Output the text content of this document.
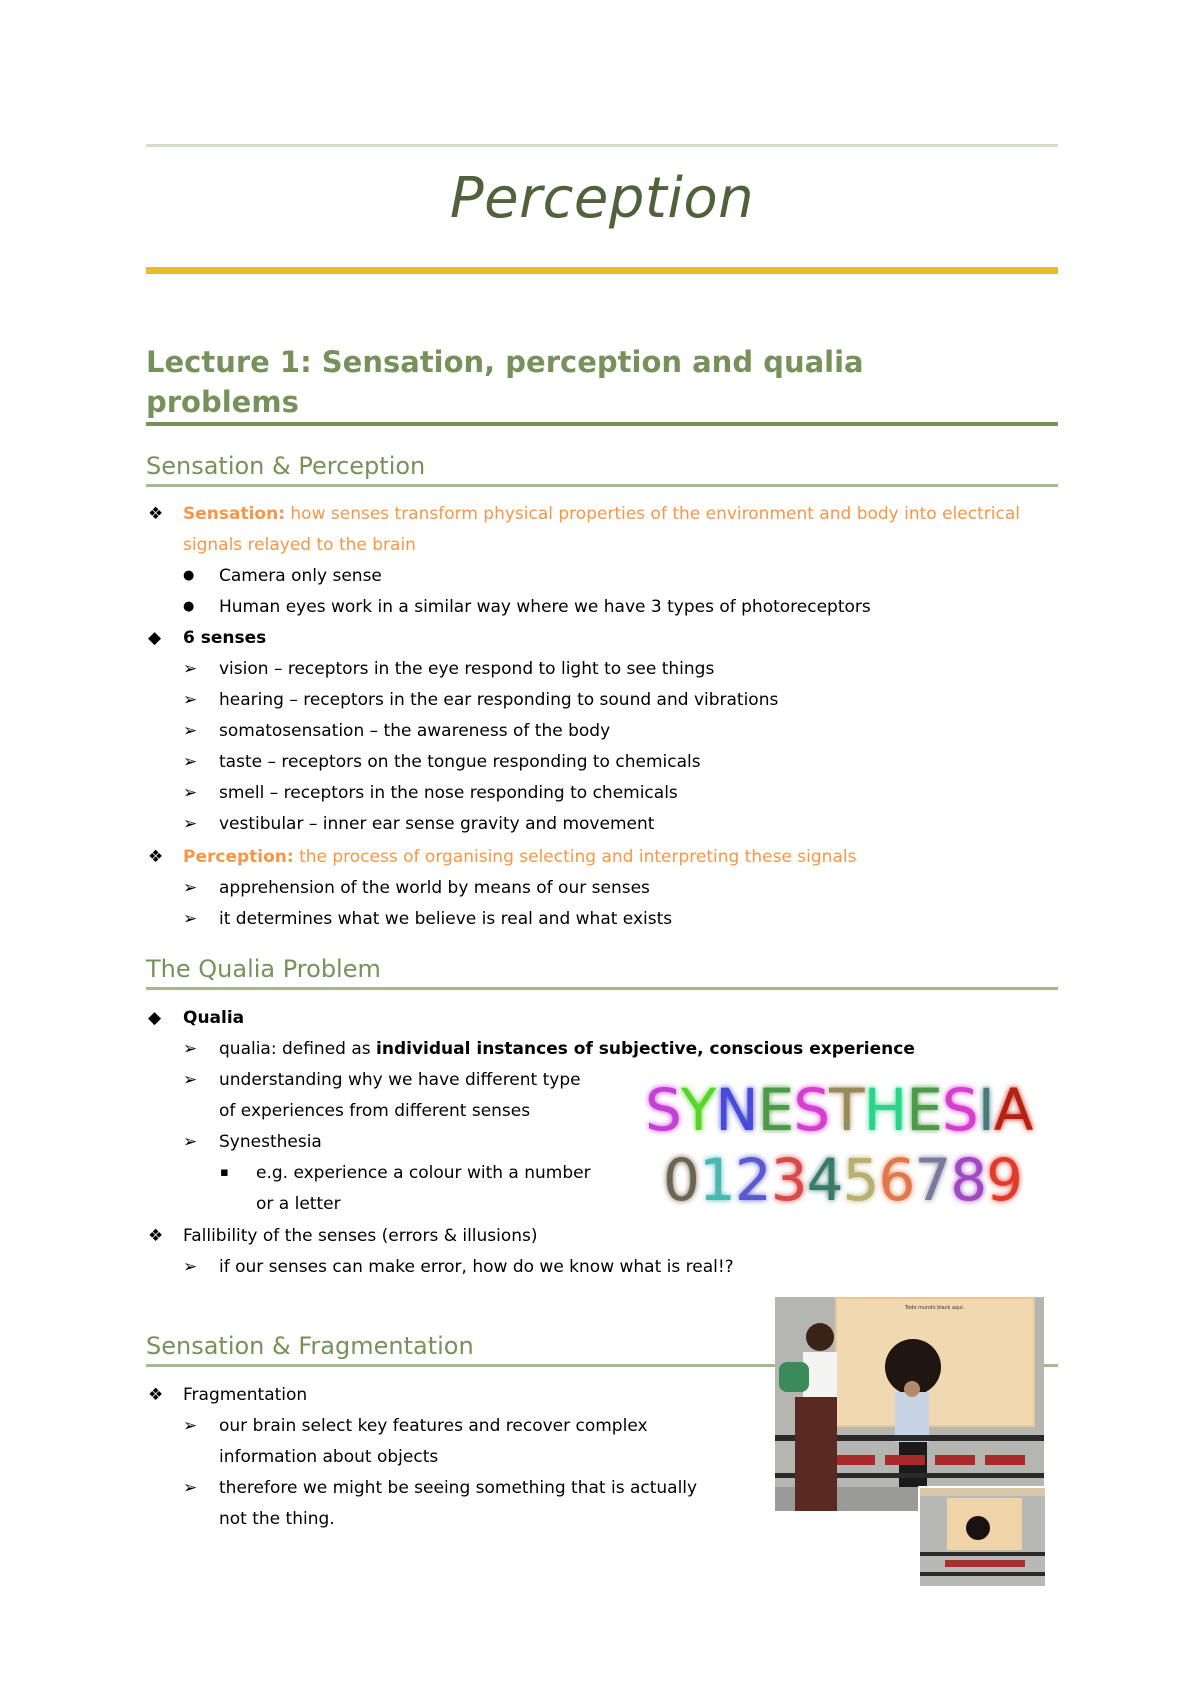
Perception
Lecture 1: Sensation, perception and qualia
problems
Sensation & Perception
❖ Sensation: how senses transform physical properties of the environment and body into electrical
signals relayed to the brain
● Camera only sense
● Human eyes work in a similar way where we have 3 types of photoreceptors
◆ 6 senses
➢ vision – receptors in the eye respond to light to see things
➢ hearing – receptors in the ear responding to sound and vibrations
➢ somatosensation – the awareness of the body
➢ taste – receptors on the tongue responding to chemicals
➢ smell – receptors in the nose responding to chemicals
➢ vestibular – inner ear sense gravity and movement
❖ Perception: the process of organising selecting and interpreting these signals
➢ apprehension of the world by means of our senses
➢ it determines what we believe is real and what exists
The Qualia Problem
◆ Qualia
➢ qualia: defined as individual instances of subjective, conscious experience
➢ understanding why we have different type
of experiences from different senses
➢ Synesthesia
▪ e.g. experience a colour with a number
or a letter
❖ Fallibility of the senses (errors & illusions)
➢ if our senses can make error, how do we know what is real!?
SYNESTHESIA
0123456789
Sensation & Fragmentation
❖ Fragmentation
➢ our brain select key features and recover complex
information about objects
➢ therefore we might be seeing something that is actually
not the thing.
Todo mundo black aqui.
